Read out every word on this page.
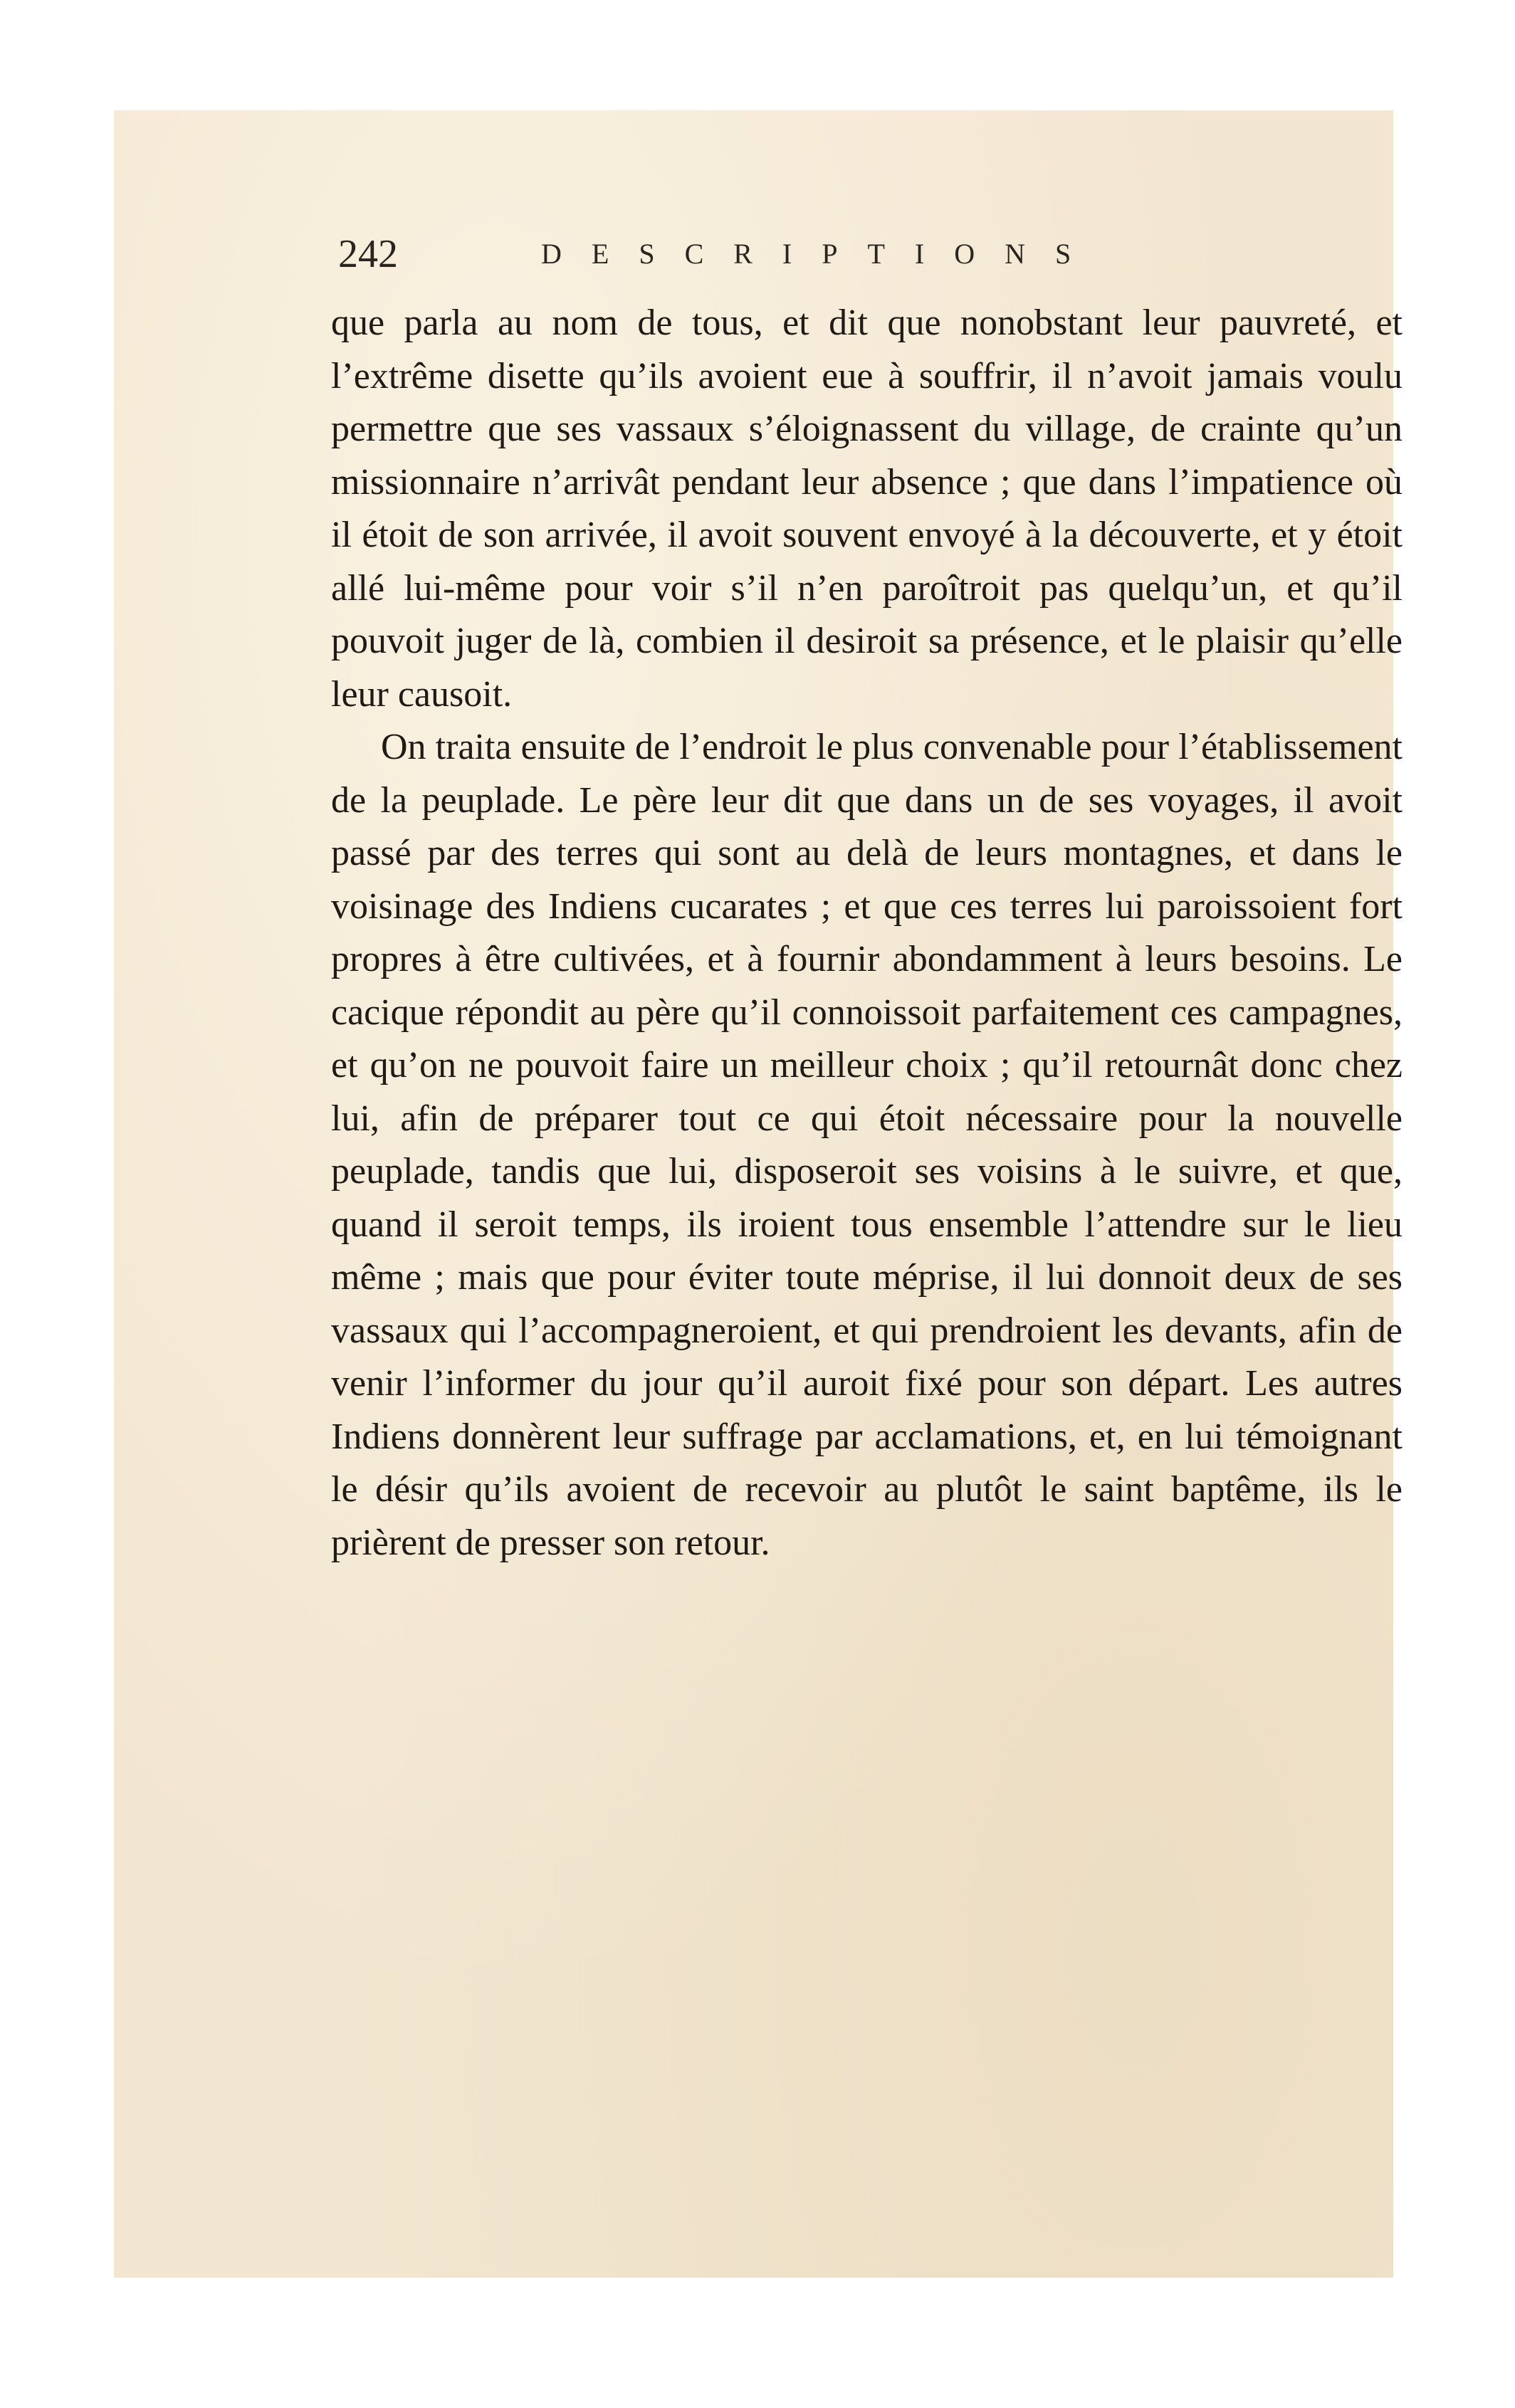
242	DESCRIPTIONS

que parla au nom de tous, et dit que nonobstant leur pauvreté, et l’extrême disette qu’ils avoient eue à souffrir, il n’avoit jamais voulu permettre que ses vassaux s’éloignassent du village, de crainte qu’un missionnaire n’arrivât pendant leur absence ; que dans l’impatience où il étoit de son arrivée, il avoit souvent envoyé à la découverte, et y étoit allé lui-même pour voir s’il n’en paroîtroit pas quelqu’un, et qu’il pouvoit juger de là, combien il desiroit sa présence, et le plaisir qu’elle leur causoit.

On traita ensuite de l’endroit le plus convenable pour l’établissement de la peuplade. Le père leur dit que dans un de ses voyages, il avoit passé par des terres qui sont au delà de leurs montagnes, et dans le voisinage des Indiens cucarates ; et que ces terres lui paroissoient fort propres à être cultivées, et à fournir abondamment à leurs besoins. Le cacique répondit au père qu’il connoissoit parfaitement ces campagnes, et qu’on ne pouvoit faire un meilleur choix ; qu’il retournât donc chez lui, afin de préparer tout ce qui étoit nécessaire pour la nouvelle peuplade, tandis que lui, disposeroit ses voisins à le suivre, et que, quand il seroit temps, ils iroient tous ensemble l’attendre sur le lieu même ; mais que pour éviter toute méprise, il lui donnoit deux de ses vassaux qui l’accompagneroient, et qui prendroient les devants, afin de venir l’informer du jour qu’il auroit fixé pour son départ. Les autres Indiens donnèrent leur suffrage par acclamations, et, en lui témoignant le désir qu’ils avoient de recevoir au plutôt le saint baptême, ils le prièrent de presser son retour.
